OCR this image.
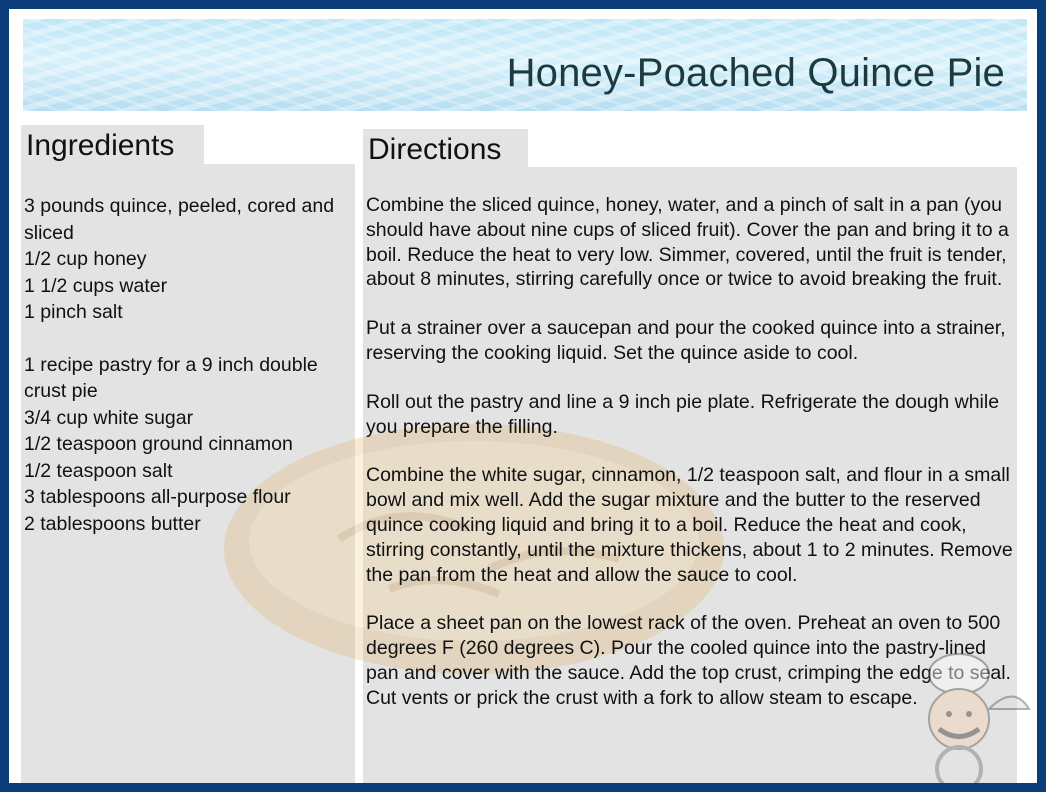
Honey-Poached Quince Pie
Ingredients	Directions
3 pounds quince, peeled, cored and sliced
1/2 cup honey
1 1/2 cups water
1 pinch salt
1 recipe pastry for a 9 inch double crust pie
3/4 cup white sugar
1/2 teaspoon ground cinnamon
1/2 teaspoon salt
3 tablespoons all-purpose flour
2 tablespoons butter

Combine the sliced quince, honey, water, and a pinch of salt in a pan (you should have about nine cups of sliced fruit). Cover the pan and bring it to a boil. Reduce the heat to very low. Simmer, covered, until the fruit is tender, about 8 minutes, stirring carefully once or twice to avoid breaking the fruit.

Put a strainer over a saucepan and pour the cooked quince into a strainer, reserving the cooking liquid. Set the quince aside to cool.

Roll out the pastry and line a 9 inch pie plate. Refrigerate the dough while you prepare the filling.

Combine the white sugar, cinnamon, 1/2 teaspoon salt, and flour in a small bowl and mix well. Add the sugar mixture and the butter to the reserved quince cooking liquid and bring it to a boil. Reduce the heat and cook, stirring constantly, until the mixture thickens, about 1 to 2 minutes. Remove the pan from the heat and allow the sauce to cool.

Place a sheet pan on the lowest rack of the oven. Preheat an oven to 500 degrees F (260 degrees C). Pour the cooled quince into the pastry-lined pan and cover with the sauce. Add the top crust, crimping the edge to seal. Cut vents or prick the crust with a fork to allow steam to escape.
